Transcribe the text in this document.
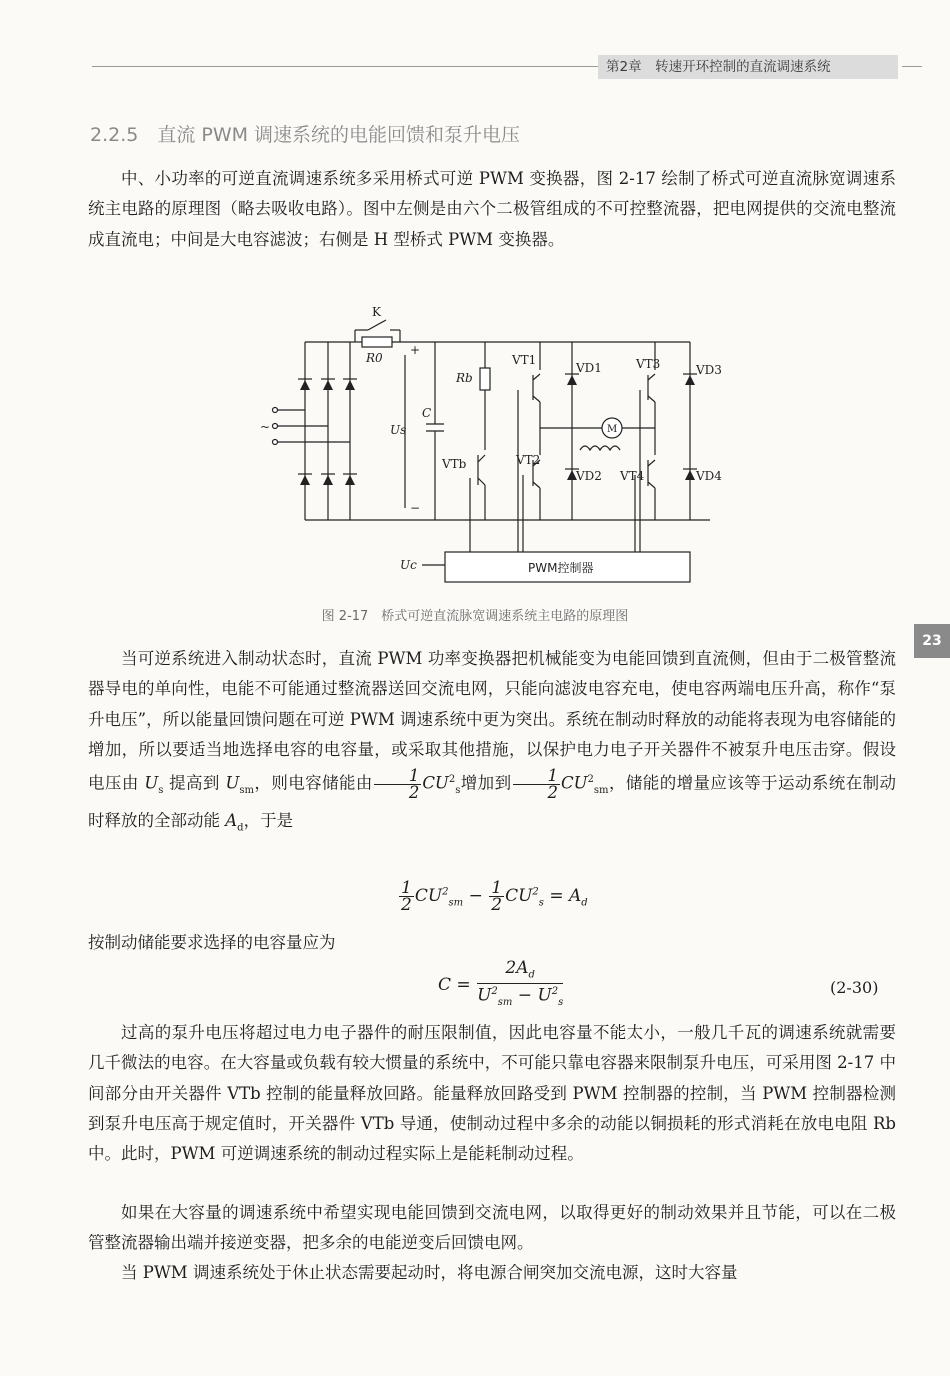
第2章　转速开环控制的直流调速系统
23
2.2.5　直流 PWM 调速系统的电能回馈和泵升电压

中、小功率的可逆直流调速系统多采用桥式可逆 PWM 变换器，图 2-17 绘制了桥式可逆直流脉宽调速系统主电路的原理图（略去吸收电路）。图中左侧是由六个二极管组成的不可控整流器，把电网提供的交流电整流成直流电；中间是大电容滤波；右侧是 H 型桥式 PWM 变换器。

K
R0
+
−
~	Us
C
Rb
VTb
VT1
VD1
VT2
VD2
VT3	VD3
VT4	VD4
M
Uc	PWM控制器
图 2-17　桥式可逆直流脉宽调速系统主电路的原理图

当可逆系统进入制动状态时，直流 PWM 功率变换器把机械能变为电能回馈到直流侧，但由于二极管整流器导电的单向性，电能不可能通过整流器送回交流电网，只能向滤波电容充电，使电容两端电压升高，称作“泵升电压”，所以能量回馈问题在可逆 PWM 调速系统中更为突出。系统在制动时释放的动能将表现为电容储能的增加，所以要适当地选择电容的电容量，或采取其他措施，以保护电力电子开关器件不被泵升电压击穿。假设电压由 $U_s$ 提高到 $U_{sm}$，则电容储能由 $\frac{1}{2} CU^2_s$增加到 $\frac{1}{2} CU^2_{sm}$，储能的增量应该等于运动系统在制动时释放的全部动能 $A_d$，于是

$\frac{1}{2} CU^2_{sm} - \frac{1}{2} CU^2_s = A_d$

按制动储能要求选择的电容量应为

$C = \frac{2A_d}{U^2_{sm} - U^2_s}$	(2-30)

过高的泵升电压将超过电力电子器件的耐压限制值，因此电容量不能太小，一般几千瓦的调速系统就需要几千微法的电容。在大容量或负载有较大惯量的系统中，不可能只靠电容器来限制泵升电压，可采用图 2-17 中间部分由开关器件 VTb 控制的能量释放回路。能量释放回路受到 PWM 控制器的控制，当 PWM 控制器检测到泵升电压高于规定值时，开关器件 VTb 导通，使制动过程中多余的动能以铜损耗的形式消耗在放电电阻 Rb 中。此时，PWM 可逆调速系统的制动过程实际上是能耗制动过程。

如果在大容量的调速系统中希望实现电能回馈到交流电网，以取得更好的制动效果并且节能，可以在二极管整流器输出端并接逆变器，把多余的电能逆变后回馈电网。

当 PWM 调速系统处于休止状态需要起动时，将电源合闸突加交流电源，这时大容量
